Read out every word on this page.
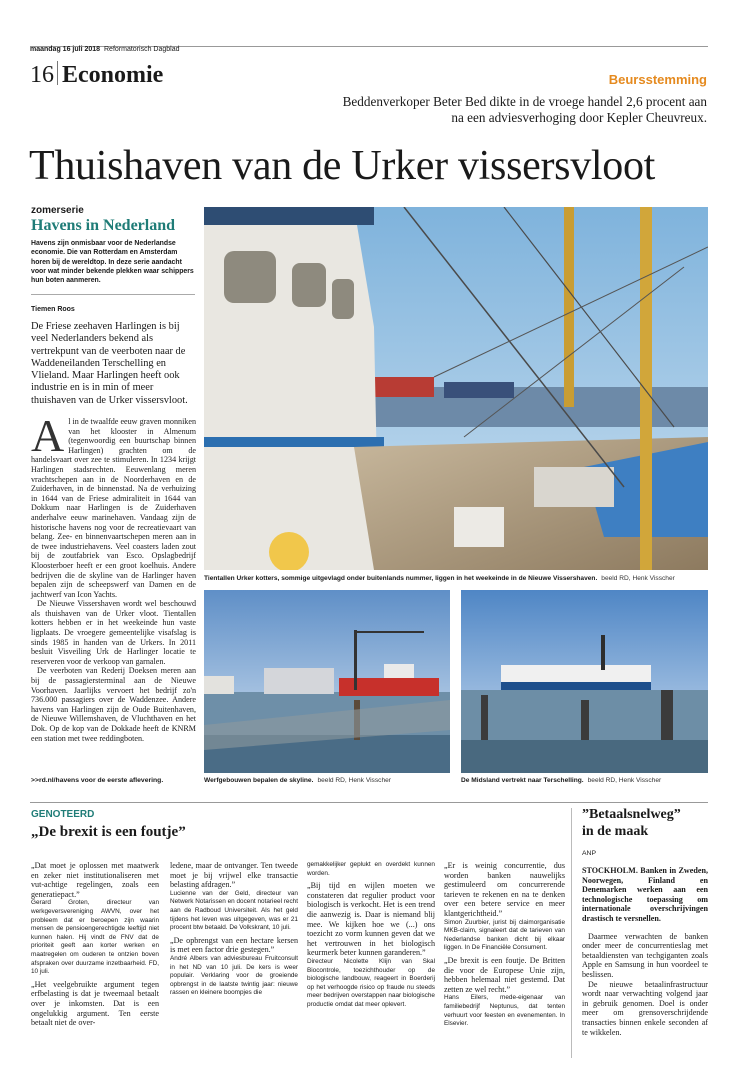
maandag 16 juli 2018 Reformatorisch Dagblad
16 Economie	Beursstemming
Beddenverkoper Beter Bed dikte in de vroege handel 2,6 procent aan
na een adviesverhoging door Kepler Cheuvreux.
Thuishaven van de Urker vissersvloot
zomerserie
Havens in Nederland
Havens zijn onmisbaar voor de Nederlandse economie. Die van Rotterdam en Amsterdam horen bij de wereldtop. In deze serie aandacht voor wat minder bekende plekken waar schippers hun boten aanmeren.
Tiemen Roos
De Friese zeehaven Harlingen is bij veel Nederlanders bekend als vertrekpunt van de veerboten naar de Waddeneilanden Terschelling en Vlieland. Maar Harlingen heeft ook industrie en is in min of meer thuishaven van de Urker vissersvloot.

Al in de twaalfde eeuw graven monniken van het klooster in Almenum (tegenwoordig een buurtschap binnen Harlingen) grachten om de handelsvaart over zee te stimuleren. In 1234 krijgt Harlingen stadsrechten. Eeuwenlang meren vrachtschepen aan in de Noorderhaven en de Zuiderhaven, in de binnenstad. Na de verhuizing in 1644 van de Friese admiraliteit in 1644 van Dokkum naar Harlingen is de Zuiderhaven anderhalve eeuw marinehaven. Vandaag zijn de historische havens nog voor de recreatievaart van belang. Zee- en binnenvaartschepen meren aan in de twee industriehavens. Veel coasters laden zout bij de zoutfabriek van Esco. Opslagbedrijf Kloosterboer heeft er een groot koelhuis. Andere bedrijven die de skyline van de Harlinger haven bepalen zijn de scheepswerf van Damen en de jachtwerf van Icon Yachts.

De Nieuwe Vissershaven wordt wel beschouwd als thuishaven van de Urker vloot. Tientallen kotters hebben er in het weekeinde hun vaste ligplaats. De vroegere gemeentelijke visafslag is sinds 1985 in handen van de Urkers. In 2011 besluit Visveiling Urk de Harlinger locatie te reserveren voor de verkoop van garnalen.

De veerboten van Rederij Doeksen meren aan bij de passagiersterminal aan de Nieuwe Voorhaven. Jaarlijks vervoert het bedrijf zo'n 736.000 passagiers over de Waddenzee. Andere havens van Harlingen zijn de Oude Buitenhaven, de Nieuwe Willemshaven, de Vluchthaven en het Dok. Op de kop van de Dokkade heeft de KNRM een station met twee reddingboten.

>>rd.nl/havens voor de eerste aflevering.
Tientallen Urker kotters, sommige uitgevlagd onder buitenlands nummer, liggen in het weekeinde in de Nieuwe Vissershaven. beeld RD, Henk Visscher
Werfgebouwen bepalen de skyline. beeld RD, Henk Visscher	De Midsland vertrekt naar Terschelling. beeld RD, Henk Visscher
GENOTEERD
„De brexit is een foutje”

„Dat moet je oplossen met maatwerk en zeker niet institutionaliseren met vut-achtige regelingen, zoals een generatiepact.”

Gerard Groten, directeur van werkgeversvereniging AWVN, over het probleem dat er beroepen zijn waarin mensen de pensioengerechtigde leeftijd niet kunnen halen. Hij vindt de FNV dat de prioriteit geeft aan korter werken en maatregelen om ouderen te ontzien boven afspraken over duurzame inzetbaarheid. FD, 10 juli.

„Het veelgebruikte argument tegen erfbelasting is dat je tweemaal betaalt over je inkomsten. Dat is een ongelukkig argument. Ten eerste betaalt niet de over-

ledene, maar de ontvanger. Ten tweede moet je bij vrijwel elke transactie belasting afdragen.”

Lucienne van der Geld, directeur van Netwerk Notarissen en docent notarieel recht aan de Radboud Universiteit. Als het geld tijdens het leven was uitgegeven, was er 21 procent btw betaald. De Volkskrant, 10 juli.

„De opbrengst van een hectare kersen is met een factor drie gestegen.”

André Albers van adviesbureau Fruitconsult in het ND van 10 juli. De kers is weer populair. Verklaring voor de groeiende opbrengst in de laatste twintig jaar: nieuwe rassen en kleinere boompjes die

gemakkelijker geplukt en overdekt kunnen worden.

„Bij tijd en wijlen moeten we constateren dat regulier product voor biologisch is verkocht. Het is een trend die aanwezig is. Daar is niemand blij mee. We kijken hoe we (...) ons toezicht zo vorm kunnen geven dat we het vertrouwen in het biologisch keurmerk beter kunnen garanderen.”

Directeur Nicolette Klijn van Skal Biocontrole, toezichthouder op de biologische landbouw, reageert in Boerderij op het verhoogde risico op fraude nu steeds meer bedrijven overstappen naar biologische productie omdat dat meer oplevert.

„Er is weinig concurrentie, dus worden banken nauwelijks gestimuleerd om concurrerende tarieven te rekenen en na te denken over een betere service en meer klantgerichtheid.”

Simon Zuurbier, jurist bij claimorganisatie MKB-claim, signaleert dat de tarieven van Nederlandse banken dicht bij elkaar liggen. In De Financiële Consument.

„De brexit is een foutje. De Britten die voor de Europese Unie zijn, hebben helemaal niet gestemd. Dat zetten ze wel recht.”

Hans Eilers, mede-eigenaar van familiebedrijf Neptunus, dat tenten verhuurt voor feesten en evenementen. In Elsevier.

”Betaalsnelweg”
in de maak
ANP

STOCKHOLM. Banken in Zweden, Noorwegen, Finland en Denemarken werken aan een technologische toepassing om internationale overschrijvingen drastisch te versnellen.

Daarmee verwachten de banken onder meer de concurrentieslag met betaaldiensten van techgiganten zoals Apple en Samsung in hun voordeel te beslissen.

De nieuwe betaalinfrastructuur wordt naar verwachting volgend jaar in gebruik genomen. Doel is onder meer om grensoverschrijdende transacties binnen enkele seconden af te wikkelen.
